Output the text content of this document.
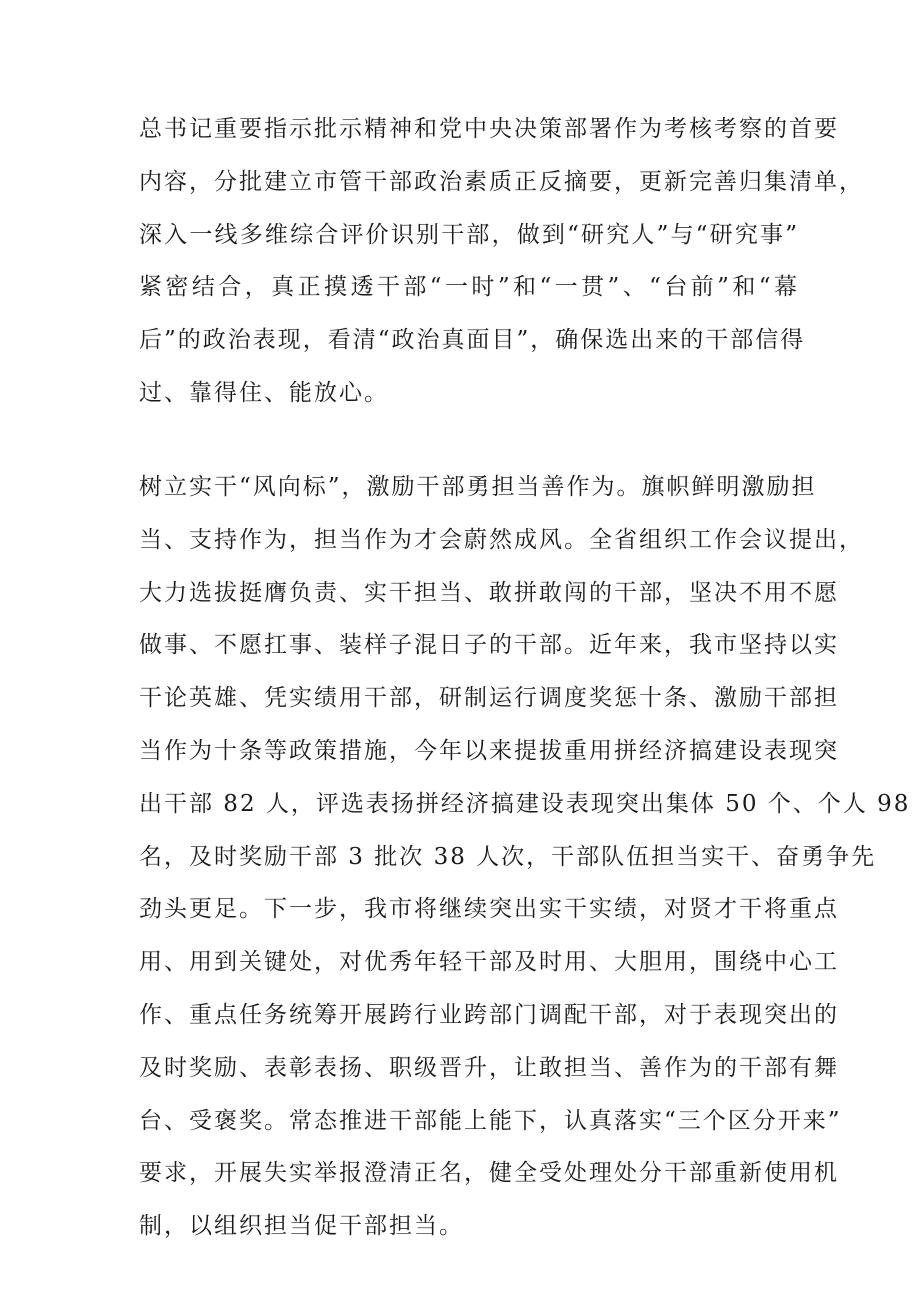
总书记重要指示批示精神和党中央决策部署作为考核考察的首要
内容，分批建立市管干部政治素质正反摘要，更新完善归集清单，
深入一线多维综合评价识别干部，做到“研究人”与“研究事”
紧密结合，真正摸透干部“一时”和“一贯”、“台前”和“幕
后”的政治表现，看清“政治真面目”，确保选出来的干部信得
过、靠得住、能放心。
树立实干“风向标”，激励干部勇担当善作为。旗帜鲜明激励担
当、支持作为，担当作为才会蔚然成风。全省组织工作会议提出，
大力选拔挺膺负责、实干担当、敢拼敢闯的干部，坚决不用不愿
做事、不愿扛事、装样子混日子的干部。近年来，我市坚持以实
干论英雄、凭实绩用干部，研制运行调度奖惩十条、激励干部担
当作为十条等政策措施，今年以来提拔重用拼经济搞建设表现突
出干部 82 人，评选表扬拼经济搞建设表现突出集体 50 个、个人 98
名，及时奖励干部 3 批次 38 人次，干部队伍担当实干、奋勇争先
劲头更足。下一步，我市将继续突出实干实绩，对贤才干将重点
用、用到关键处，对优秀年轻干部及时用、大胆用，围绕中心工
作、重点任务统筹开展跨行业跨部门调配干部，对于表现突出的
及时奖励、表彰表扬、职级晋升，让敢担当、善作为的干部有舞
台、受褒奖。常态推进干部能上能下，认真落实“三个区分开来”
要求，开展失实举报澄清正名，健全受处理处分干部重新使用机
制，以组织担当促干部担当。
